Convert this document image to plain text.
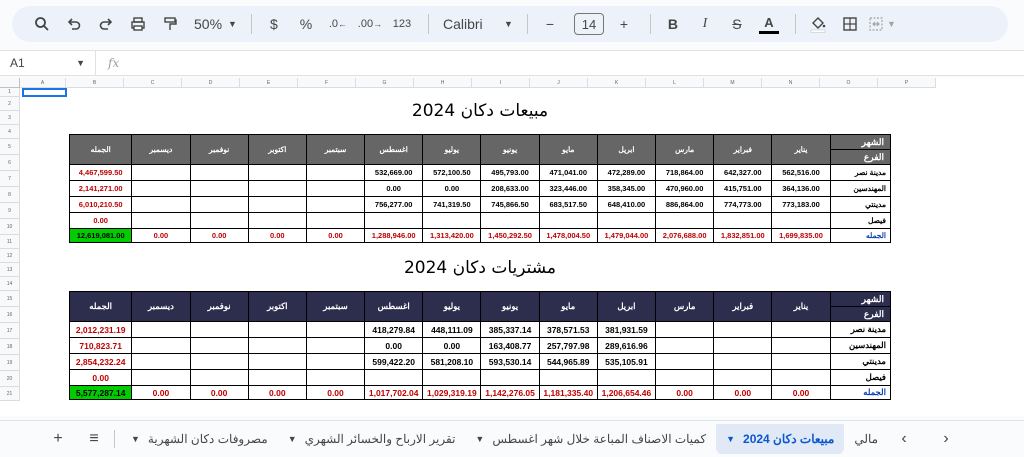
50% ▼	$	%	.0 ← .00 → 123 Calibri ▼	−	14	+	B	I	S	A	▼
A1	▼	fx
A	B	C	D	E	F	G	H	I	J	K	L	M	N	O	P
1
2
3
4
5
6
7
8
9
10
11
12
13
14
15
16
17
18
19
20
21
مبيعات دكان 2024
الجمله	ديسمبر	نوفمبر	اكتوبر	سبتمبر	اغسطس	يوليو	يونيو	مايو	ابريل	مارس	فبراير	يناير	الشهر
الفرع

4,467,599.50					532,669.00	572,100.50	495,793.00	471,041.00	472,289.00	718,864.00	642,327.00	562,516.00	مدينة نصر
2,141,271.00					0.00	0.00	208,633.00	323,446.00	358,345.00	470,960.00	415,751.00	364,136.00	المهندسين
6,010,210.50					756,277.00	741,319.50	745,866.50	683,517.50	648,410.00	886,864.00	774,773.00	773,183.00	مدينتي
0.00													فيصل
12,619,081.00	0.00	0.00	0.00	0.00	1,288,946.00	1,313,420.00	1,450,292.50	1,478,004.50	1,479,044.00	2,076,688.00	1,832,851.00	1,699,835.00	الجمله
مشتريات دكان 2024
الجمله	ديسمبر	نوفمبر	اكتوبر	سبتمبر	اغسطس	يوليو	يونيو	مايو	ابريل	مارس	فبراير	يناير	الشهر
الفرع

2,012,231.19					418,279.84	448,111.09	385,337.14	378,571.53	381,931.59				مدينة نصر
710,823.71					0.00	0.00	163,408.77	257,797.98	289,616.96				المهندسين
2,854,232.24					599,422.20	581,208.10	593,530.14	544,965.89	535,105.91				مدينتي
0.00													فيصل
5,577,287.14	0.00	0.00	0.00	0.00	1,017,702.04	1,029,319.19	1,142,276.05	1,181,335.40	1,206,654.46	0.00	0.00	0.00	الجمله
+ ≡	▼ مصروفات دكان الشهرية ▼ تقرير الارباح والخسائر الشهري ▼ كميات الاصناف المباعة خلال شهر اغسطس ▼ مبيعات دكان 2024 مالي ‹ ›
